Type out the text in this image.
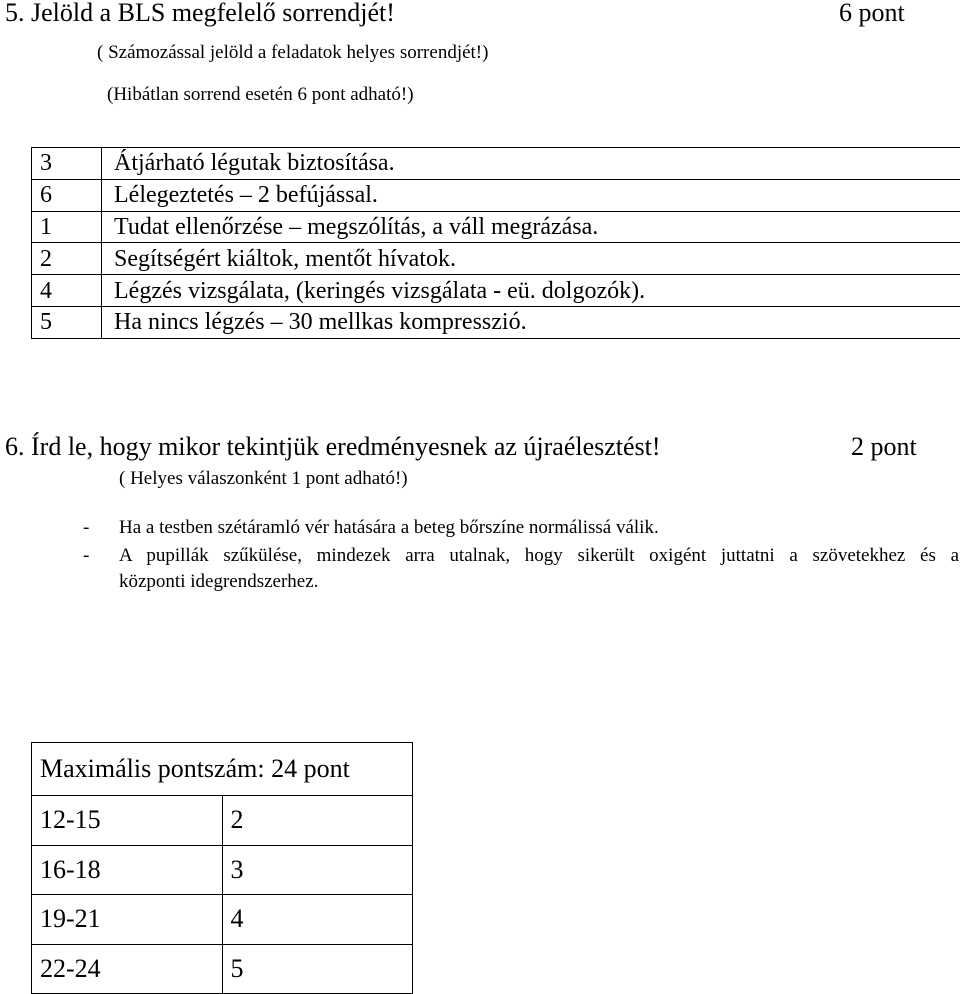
5. Jelöld a BLS megfelelő sorrendjét!	6 pont
( Számozással jelöld a feladatok helyes sorrendjét!)
(Hibátlan sorrend esetén 6 pont adható!)
3	Átjárható légutak biztosítása.
6	Lélegeztetés – 2 befújással.
1	Tudat ellenőrzése – megszólítás, a váll megrázása.
2	Segítségért kiáltok, mentőt hívatok.
4	Légzés vizsgálata, (keringés vizsgálata - eü. dolgozók).
5	Ha nincs légzés – 30 mellkas kompresszió.
6. Írd le, hogy mikor tekintjük eredményesnek az újraélesztést!	2 pont
( Helyes válaszonként 1 pont adható!)
- Ha a testben szétáramló vér hatására a beteg bőrszíne normálissá válik.
- A pupillák szűkülése, mindezek arra utalnak, hogy sikerült oxigént juttatni a szövetekhez és a
központi idegrendszerhez.
Maximális pontszám: 24 pont	
12-15	2
16-18	3
19-21	4
22-24	5
